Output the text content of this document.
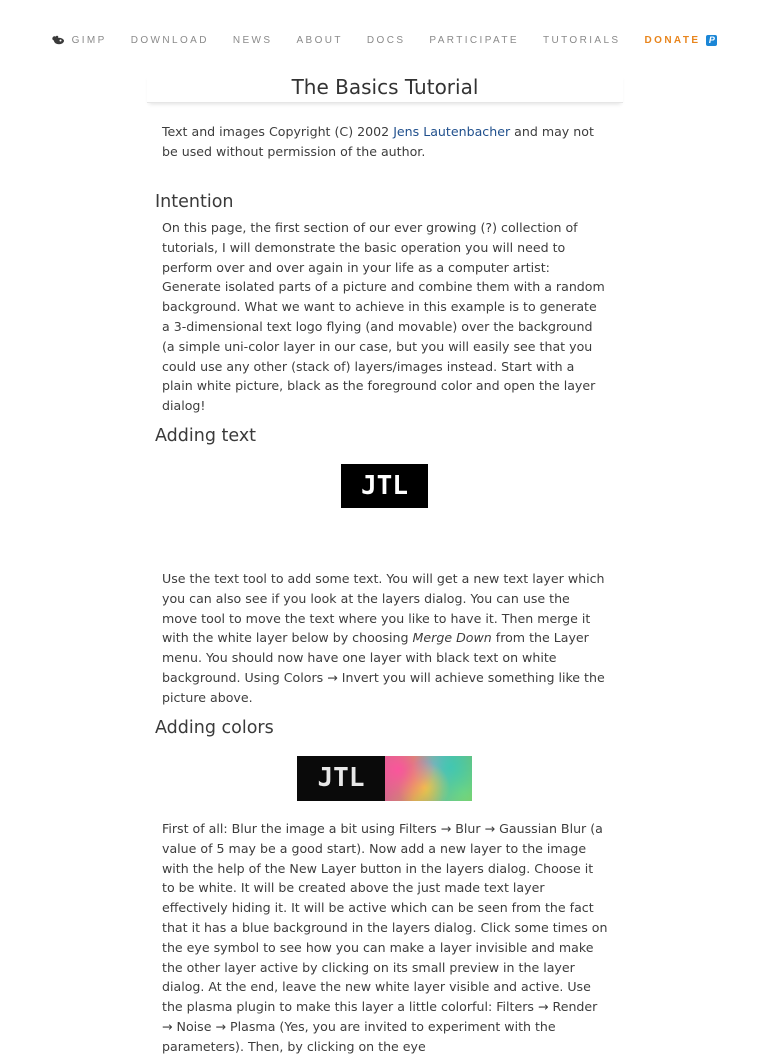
GIMP DOWNLOAD NEWS ABOUT DOCS PARTICIPATE TUTORIALS DONATE P
The Basics Tutorial

Text and images Copyright (C) 2002 Jens Lautenbacher and may not be used without permission of the author.

Intention

On this page, the first section of our ever growing (?) collection of tutorials, I will demonstrate the basic operation you will need to perform over and over again in your life as a computer artist: Generate isolated parts of a picture and combine them with a random background. What we want to achieve in this example is to generate a 3-dimensional text logo flying (and movable) over the background (a simple uni-color layer in our case, but you will easily see that you could use any other (stack of) layers/images instead. Start with a plain white picture, black as the foreground color and open the layer dialog!

Adding text
JTL

Use the text tool to add some text. You will get a new text layer which you can also see if you look at the layers dialog. You can use the move tool to move the text where you like to have it. Then merge it with the white layer below by choosing Merge Down from the Layer menu. You should now have one layer with black text on white background. Using Colors → Invert you will achieve something like the picture above.

Adding colors
JTL

First of all: Blur the image a bit using Filters → Blur → Gaussian Blur (a value of 5 may be a good start). Now add a new layer to the image with the help of the New Layer button in the layers dialog. Choose it to be white. It will be created above the just made text layer effectively hiding it. It will be active which can be seen from the fact that it has a blue background in the layers dialog. Click some times on the eye symbol to see how you can make a layer invisible and make the other layer active by clicking on its small preview in the layer dialog. At the end, leave the new white layer visible and active. Use the plasma plugin to make this layer a little colorful: Filters → Render → Noise → Plasma (Yes, you are invited to experiment with the parameters). Then, by clicking on the eye
